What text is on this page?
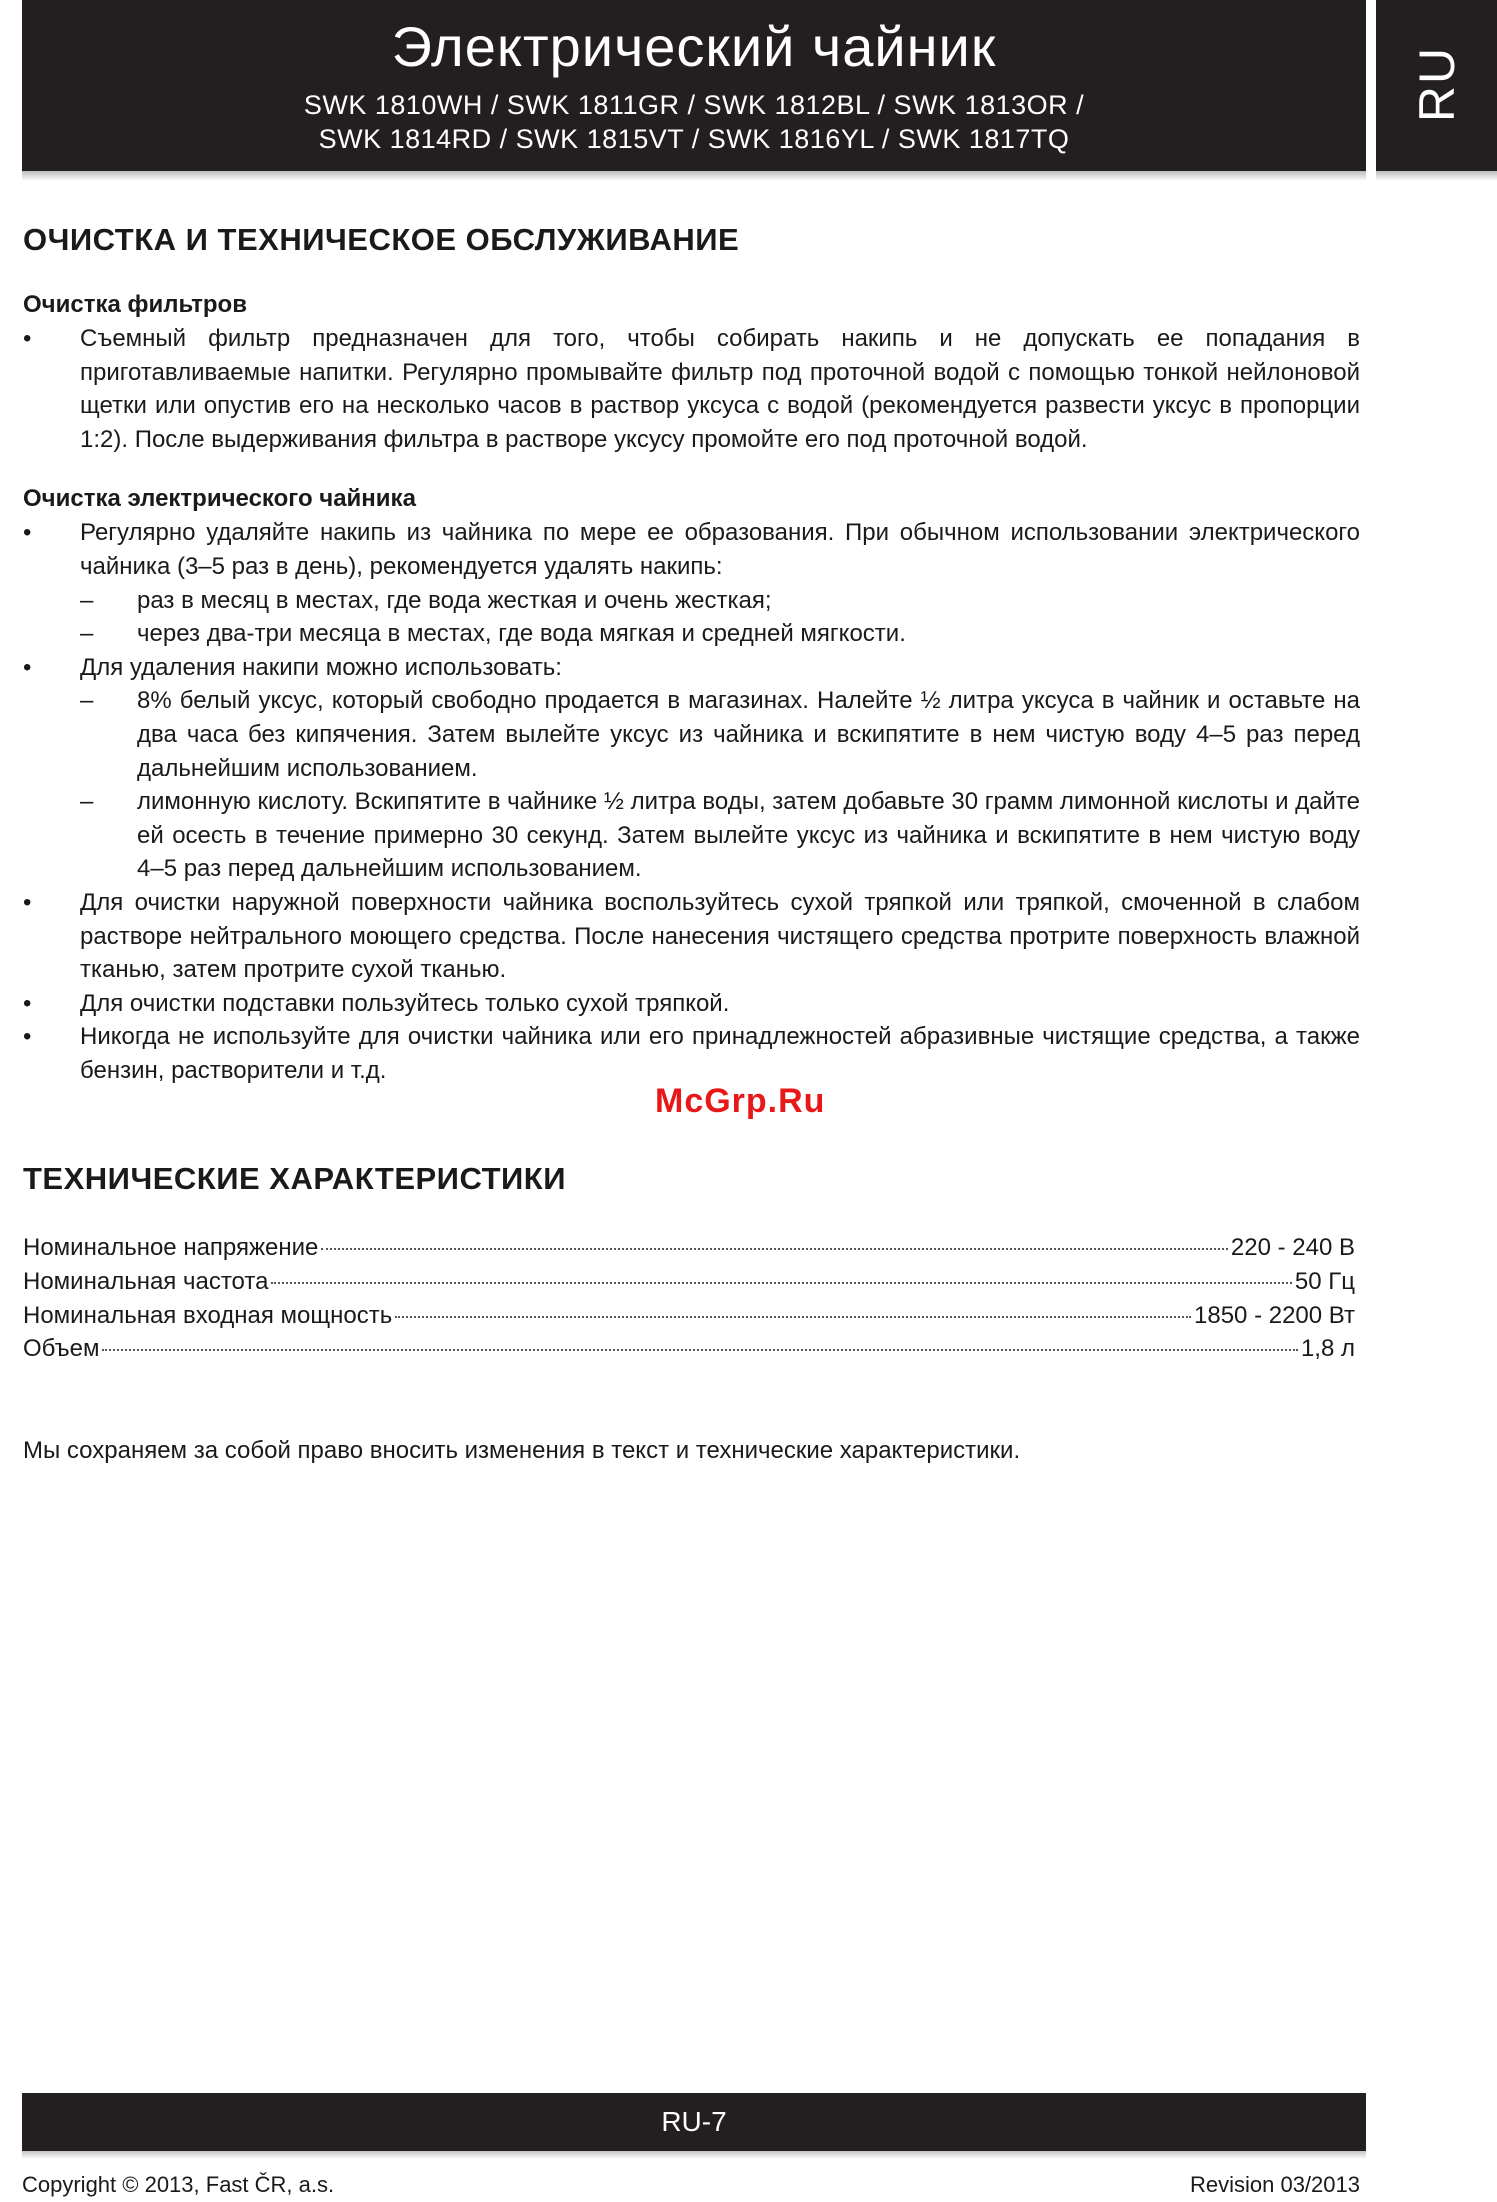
Электрический чайник
SWK 1810WH / SWK 1811GR / SWK 1812BL / SWK 1813OR /
SWK 1814RD / SWK 1815VT / SWK 1816YL / SWK 1817TQ
RU
ОЧИСТКА И ТЕХНИЧЕСКОЕ ОБСЛУЖИВАНИЕ
Очистка фильтров
• Съемный фильтр предназначен для того, чтобы собирать накипь и не допускать ее попадания в приготавливаемые напитки. Регулярно промывайте фильтр под проточной водой с помощью тонкой нейлоновой щетки или опустив его на несколько часов в раствор уксуса с водой (рекомендуется развести уксус в пропорции 1:2). После выдерживания фильтра в растворе уксусу промойте его под проточной водой.
Очистка электрического чайника
• Регулярно удаляйте накипь из чайника по мере ее образования. При обычном использовании электрического чайника (3–5 раз в день), рекомендуется удалять накипь:
– раз в месяц в местах, где вода жесткая и очень жесткая;
– через два-три месяца в местах, где вода мягкая и средней мягкости.
• Для удаления накипи можно использовать:
– 8% белый уксус, который свободно продается в магазинах. Налейте ½ литра уксуса в чайник и оставьте на два часа без кипячения. Затем вылейте уксус из чайника и вскипятите в нем чистую воду 4–5 раз перед дальнейшим использованием.
– лимонную кислоту. Вскипятите в чайнике ½ литра воды, затем добавьте 30 грамм лимонной кислоты и дайте ей осесть в течение примерно 30 секунд. Затем вылейте уксус из чайника и вскипятите в нем чистую воду 4–5 раз перед дальнейшим использованием.
• Для очистки наружной поверхности чайника воспользуйтесь сухой тряпкой или тряпкой, смоченной в слабом растворе нейтрального моющего средства. После нанесения чистящего средства протрите поверхность влажной тканью, затем протрите сухой тканью.
• Для очистки подставки пользуйтесь только сухой тряпкой.
• Никогда не используйте для очистки чайника или его принадлежностей абразивные чистящие средства, а также бензин, растворители и т.д.
ТЕХНИЧЕСКИЕ ХАРАКТЕРИСТИКИ
Номинальное напряжение	220 - 240 В
Номинальная частота	50 Гц
Номинальная входная мощность	1850 - 2200 Вт
Объем	1,8 л
Мы сохраняем за собой право вносить изменения в текст и технические характеристики.
McGrp.Ru
RU-7
Copyright © 2013, Fast ČR, a.s.	Revision 03/2013
